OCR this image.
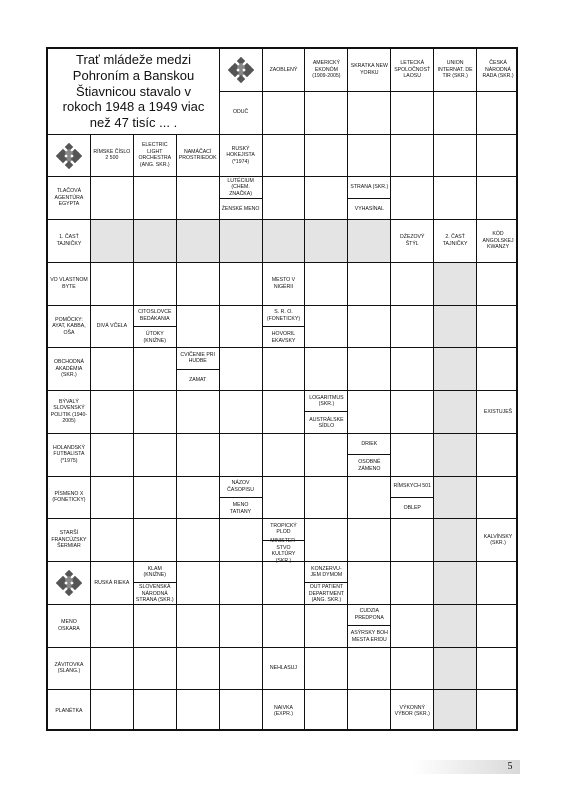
Trať mládeže medzi Pohroním a Banskou Štiavnicou stavalo v rokoch 1948 a 1949 viac než 47 tisíc ... .
ZAOBLENÝ
AMERICKÝ EKONÓM (1909-2005)
SKRATKA NEW YORKU
LETECKÁ SPOLOČNOSŤ LAOSU
UNION INTERNAT. DE TIR (SKR.)
ČESKÁ NÁRODNÁ RADA (SKR.)
ODUČ
RÍMSKE ČÍSLO 2 500
ELECTRIC LIGHT ORCHESTRA (ANG. SKR.)
NAMÁČACÍ PROSTRIEDOK
RUSKÝ HOKEJISTA (*1974)
TLAČOVÁ AGENTÚRA EGYPTA
LUTÉCIUM (CHEM. ZNAČKA)
ŽENSKÉ MENO
STRANA (SKR.)
VYHASÍNAL
1. ČASŤ TAJNIČKY
DŽEZOVÝ ŠTÝL
2. ČASŤ TAJNIČKY
KÓD ANGOLSKEJ KWANZY
VO VLASTNOM BYTE
MESTO V NIGÉRII
POMÔCKY: AYAT, KABBA, OŠA
DIVÁ VČELA
CITOSLOVCE BEDÁKANIA
ÚTOKY (KNIŽNE)
S. R. O. (FONETICKY)
HOVORIL EKAVSKY
OBCHODNÁ AKADÉMIA (SKR.)
CVIČENIE PRI HUDBE
ZAMAT
BÝVALÝ SLOVENSKÝ POLITIK (1940-2005)
LOGARITMUS (SKR.)
AUSTRÁLSKE SÍDLO
EXISTUJEŠ
HOLANDSKÝ FUTBALISTA (*1975)
DRIEK
OSOBNÉ ZÁMENO
PÍSMENO X (FONETICKY)
NÁZOV ČASOPISU
MENO TATIANY
RÍMSKYCH 501
OBLEP
STARŠÍ FRANCÚZSKY ŠERMIAR
TROPICKÝ PLOD
MINISTER- STVO KULTÚRY (SKR.)
KALVÍNSKY (SKR.)
KLAM (KNIŽNE)
SLOVENSKÁ NÁRODNÁ STRANA (SKR.)
RUSKÁ RIEKA
KONZERVU- JEM DYMOM
OUT PATIENT DEPARTMENT (ANG. SKR.)
MENO OSKARA
CUDZIA PREDPONA
ASÝRSKY BOH MESTA ERIDU
ZÁVITOVKA (SLANG.)
NEHLASUJ
PLANÉTKA
NAIVKA (EXPR.)
VÝKONNÝ VÝBOR (SKR.)
5
